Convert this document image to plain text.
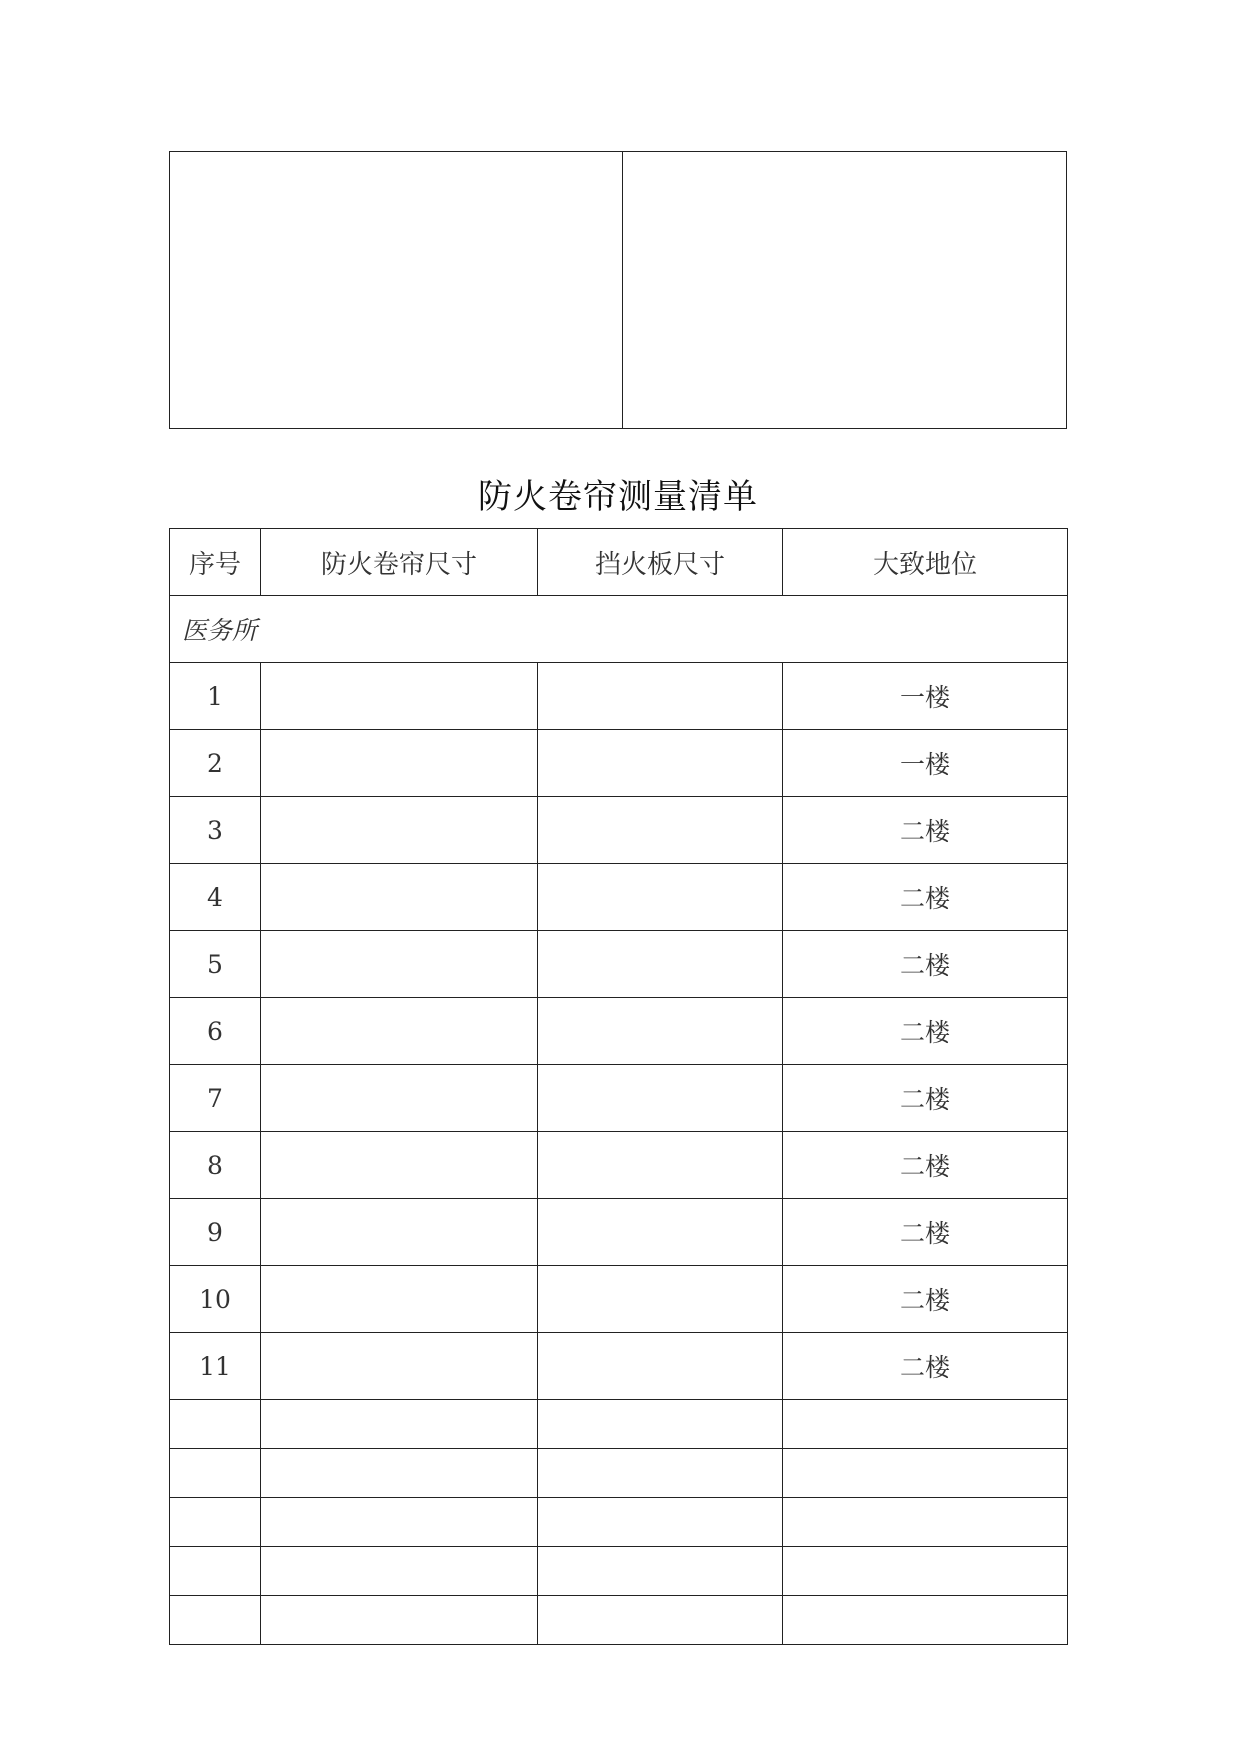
防火卷帘测量清单
序号	防火卷帘尺寸	挡火板尺寸	大致地位
医务所			
1			一楼
2			一楼
3			二楼
4			二楼
5			二楼
6			二楼
7			二楼
8			二楼
9			二楼
10			二楼
11			二楼
